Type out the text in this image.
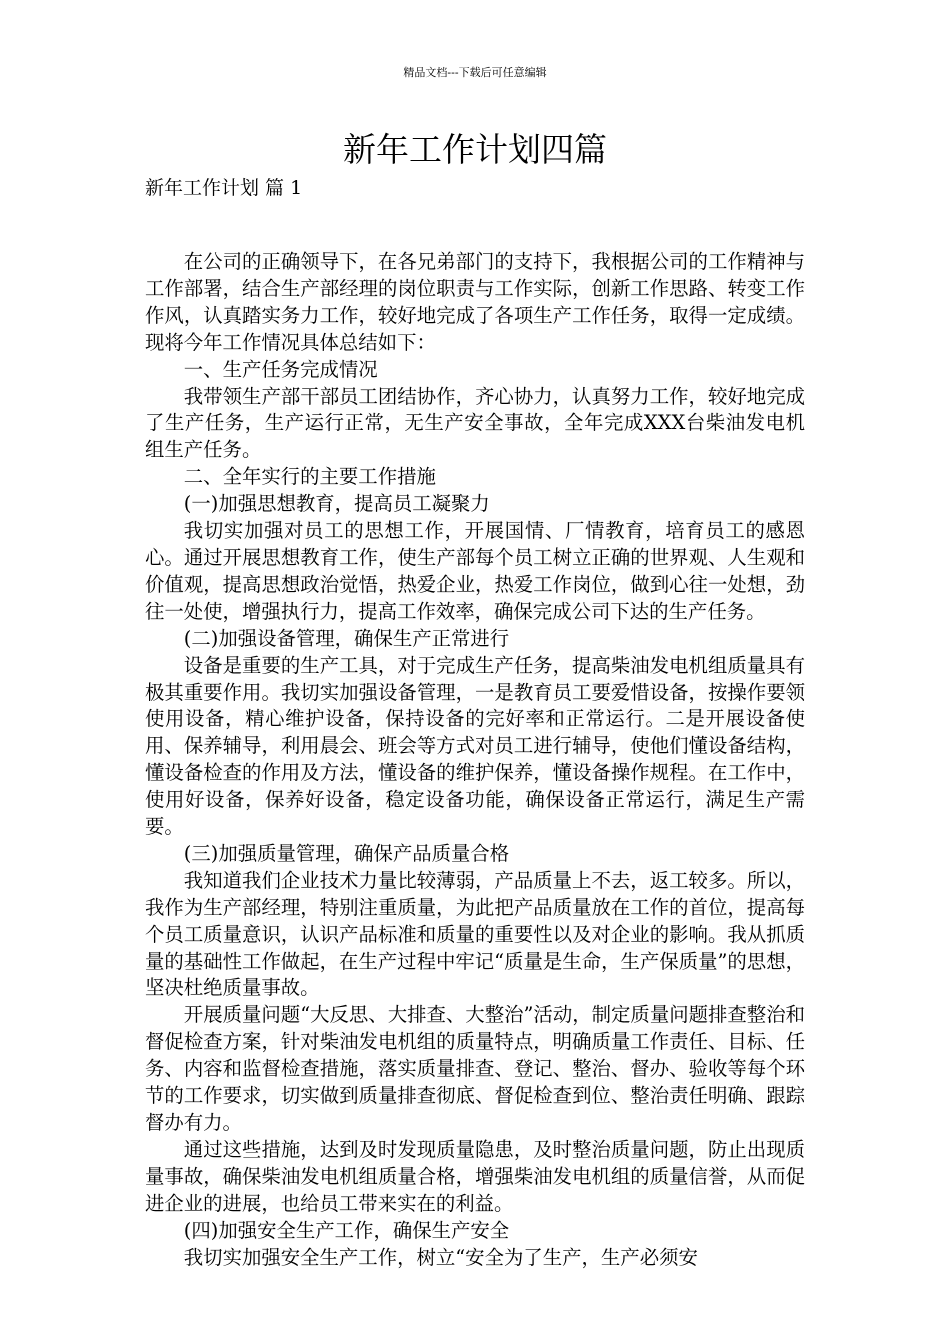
精品文档---下载后可任意编辑
新年工作计划四篇
新年工作计划 篇 1

在公司的正确领导下，在各兄弟部门的支持下，我根据公司的工作精神与工作部署，结合生产部经理的岗位职责与工作实际，创新工作思路、转变工作作风，认真踏实务力工作，较好地完成了各项生产工作任务，取得一定成绩。现将今年工作情况具体总结如下：

一、生产任务完成情况

我带领生产部干部员工团结协作，齐心协力，认真努力工作，较好地完成了生产任务，生产运行正常，无生产安全事故，全年完成XXX台柴油发电机组生产任务。

二、全年实行的主要工作措施

(一)加强思想教育，提高员工凝聚力

我切实加强对员工的思想工作，开展国情、厂情教育，培育员工的感恩心。通过开展思想教育工作，使生产部每个员工树立正确的世界观、人生观和价值观，提高思想政治觉悟，热爱企业，热爱工作岗位，做到心往一处想，劲往一处使，增强执行力，提高工作效率，确保完成公司下达的生产任务。

(二)加强设备管理，确保生产正常进行

设备是重要的生产工具，对于完成生产任务，提高柴油发电机组质量具有极其重要作用。我切实加强设备管理，一是教育员工要爱惜设备，按操作要领使用设备，精心维护设备，保持设备的完好率和正常运行。二是开展设备使用、保养辅导，利用晨会、班会等方式对员工进行辅导，使他们懂设备结构，懂设备检查的作用及方法，懂设备的维护保养，懂设备操作规程。在工作中，使用好设备，保养好设备，稳定设备功能，确保设备正常运行，满足生产需要。

(三)加强质量管理，确保产品质量合格

我知道我们企业技术力量比较薄弱，产品质量上不去，返工较多。所以，我作为生产部经理，特别注重质量，为此把产品质量放在工作的首位，提高每个员工质量意识，认识产品标准和质量的重要性以及对企业的影响。我从抓质量的基础性工作做起，在生产过程中牢记“质量是生命，生产保质量”的思想，坚决杜绝质量事故。

开展质量问题“大反思、大排查、大整治”活动，制定质量问题排查整治和督促检查方案，针对柴油发电机组的质量特点，明确质量工作责任、目标、任务、内容和监督检查措施，落实质量排查、登记、整治、督办、验收等每个环节的工作要求，切实做到质量排查彻底、督促检查到位、整治责任明确、跟踪督办有力。

通过这些措施，达到及时发现质量隐患，及时整治质量问题，防止出现质量事故，确保柴油发电机组质量合格，增强柴油发电机组的质量信誉，从而促进企业的进展，也给员工带来实在的利益。

(四)加强安全生产工作，确保生产安全

我切实加强安全生产工作，树立“安全为了生产，生产必须安
